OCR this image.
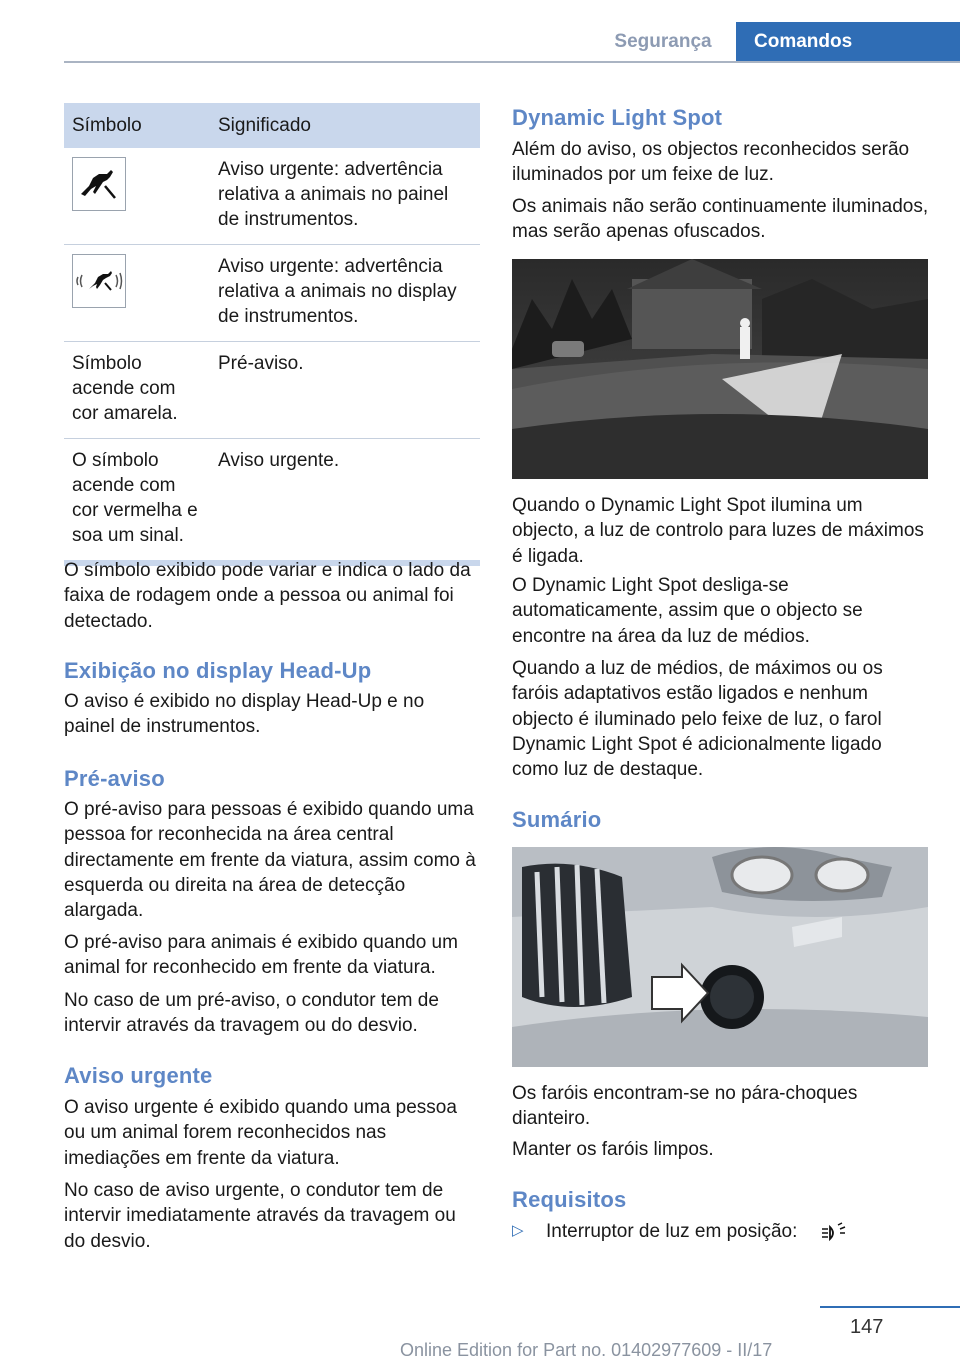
Segurança	Comandos
Símbolo	Significado

	Aviso urgente: advertência relativa a animais no painel de instrumentos.

	Aviso urgente: advertência relativa a animais no display de instrumentos.
Símbolo acende com cor amarela.	Pré-aviso.
O símbolo acende com cor vermelha e soa um sinal.	Aviso urgente.

O símbolo exibido pode variar e indica o lado da faixa de rodagem onde a pessoa ou animal foi detectado.

Exibição no display Head-Up

O aviso é exibido no display Head-Up e no painel de instrumentos.

Pré-aviso

O pré-aviso para pessoas é exibido quando uma pessoa for reconhecida na área central directamente em frente da viatura, assim como à esquerda ou direita na área de detecção alargada.

O pré-aviso para animais é exibido quando um animal for reconhecido em frente da viatura.

No caso de um pré-aviso, o condutor tem de intervir através da travagem ou do desvio.

Aviso urgente

O aviso urgente é exibido quando uma pessoa ou um animal forem reconhecidos nas imediações em frente da viatura.

No caso de aviso urgente, o condutor tem de intervir imediatamente através da travagem ou do desvio.

Dynamic Light Spot

Além do aviso, os objectos reconhecidos serão iluminados por um feixe de luz.

Os animais não serão continuamente iluminados, mas serão apenas ofuscados.

Quando o Dynamic Light Spot ilumina um objecto, a luz de controlo para luzes de máximos é ligada.

O Dynamic Light Spot desliga-se automaticamente, assim que o objecto se encontre na área da luz de médios.

Quando a luz de médios, de máximos ou os faróis adaptativos estão ligados e nenhum objecto é iluminado pelo feixe de luz, o farol Dynamic Light Spot é adicionalmente ligado como luz de destaque.

Sumário

Os faróis encontram-se no pára-choques dianteiro.

Manter os faróis limpos.

Requisitos
▷ Interruptor de luz em posição:
147
Online Edition for Part no. 01402977609 - II/17
